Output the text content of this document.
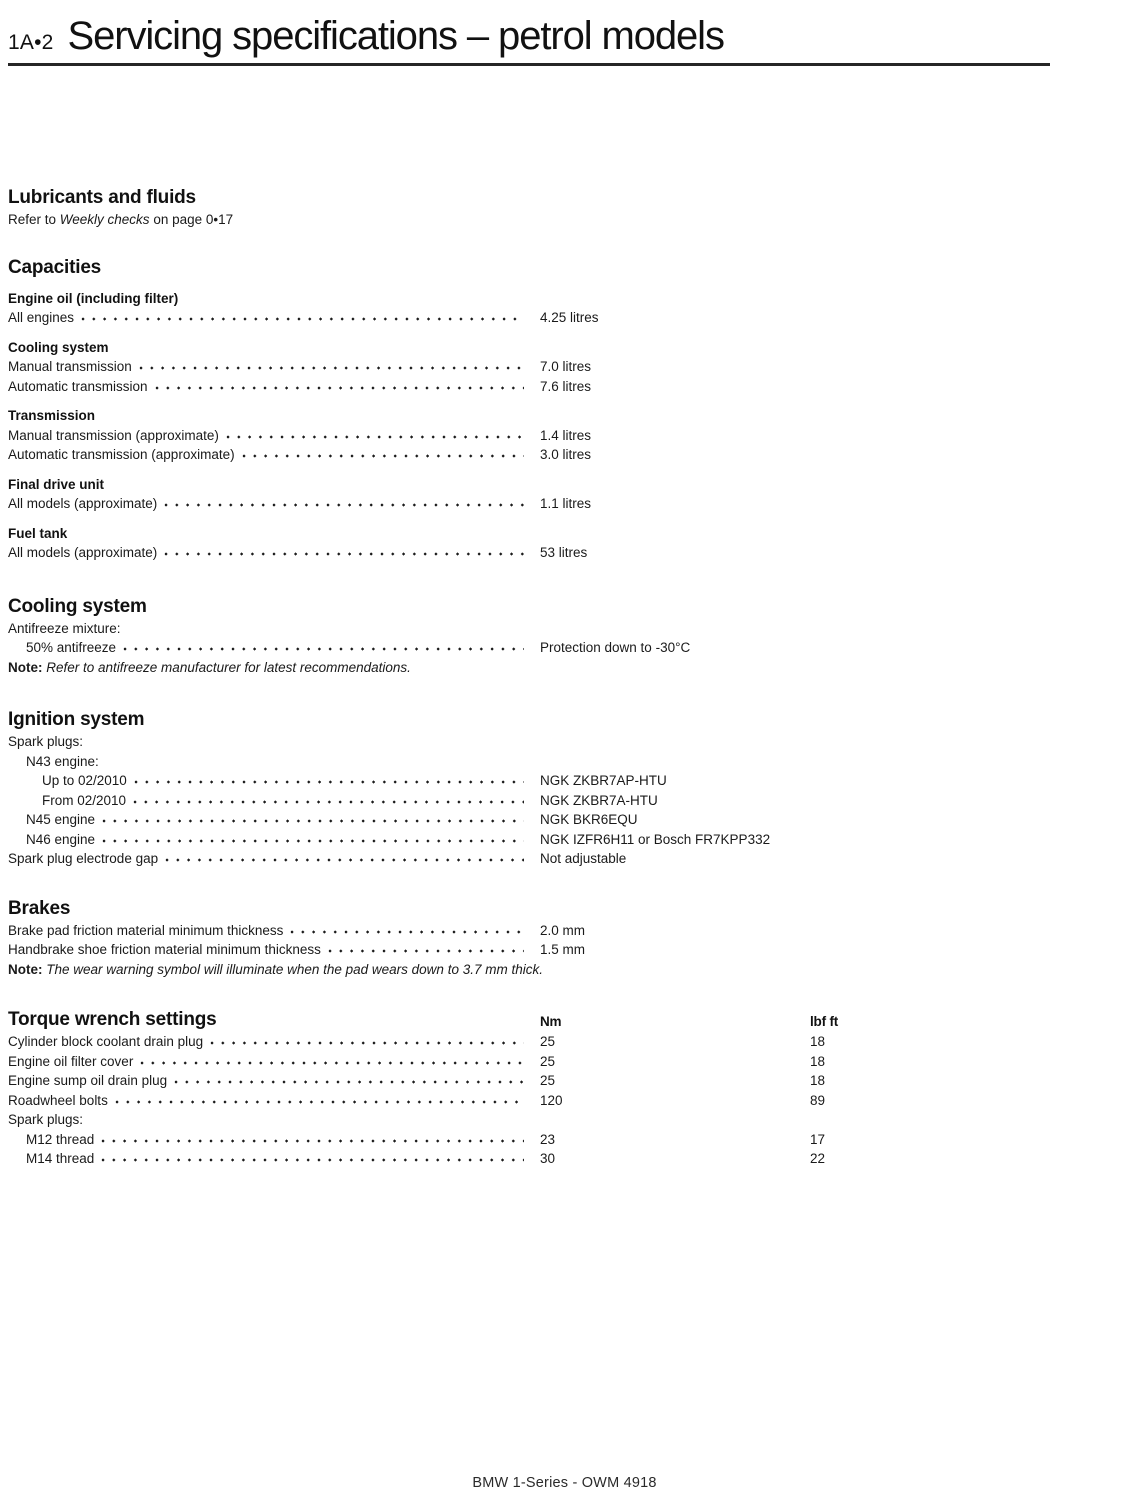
1A•2 Servicing specifications – petrol models
Lubricants and fluids
Refer to Weekly checks on page 0•17
Capacities
Engine oil (including filter)
All engines	4.25 litres
Cooling system
Manual transmission	7.0 litres
Automatic transmission	7.6 litres
Transmission
Manual transmission (approximate)	1.4 litres
Automatic transmission (approximate)	3.0 litres
Final drive unit
All models (approximate)	1.1 litres
Fuel tank
All models (approximate)	53 litres
Cooling system
Antifreeze mixture:
50% antifreeze	Protection down to -30°C
Note: Refer to antifreeze manufacturer for latest recommendations.
Ignition system
Spark plugs:
N43 engine:
Up to 02/2010	NGK ZKBR7AP-HTU
From 02/2010	NGK ZKBR7A-HTU
N45 engine	NGK BKR6EQU
N46 engine	NGK IZFR6H11 or Bosch FR7KPP332
Spark plug electrode gap	Not adjustable
Brakes
Brake pad friction material minimum thickness	2.0 mm
Handbrake shoe friction material minimum thickness	1.5 mm
Note: The wear warning symbol will illuminate when the pad wears down to 3.7 mm thick.
Torque wrench settings	Nm	lbf ft
Cylinder block coolant drain plug	25	18
Engine oil filter cover	25	18
Engine sump oil drain plug	25	18
Roadwheel bolts	120	89
Spark plugs:
M12 thread	23	17
M14 thread	30	22
BMW 1-Series - OWM 4918
